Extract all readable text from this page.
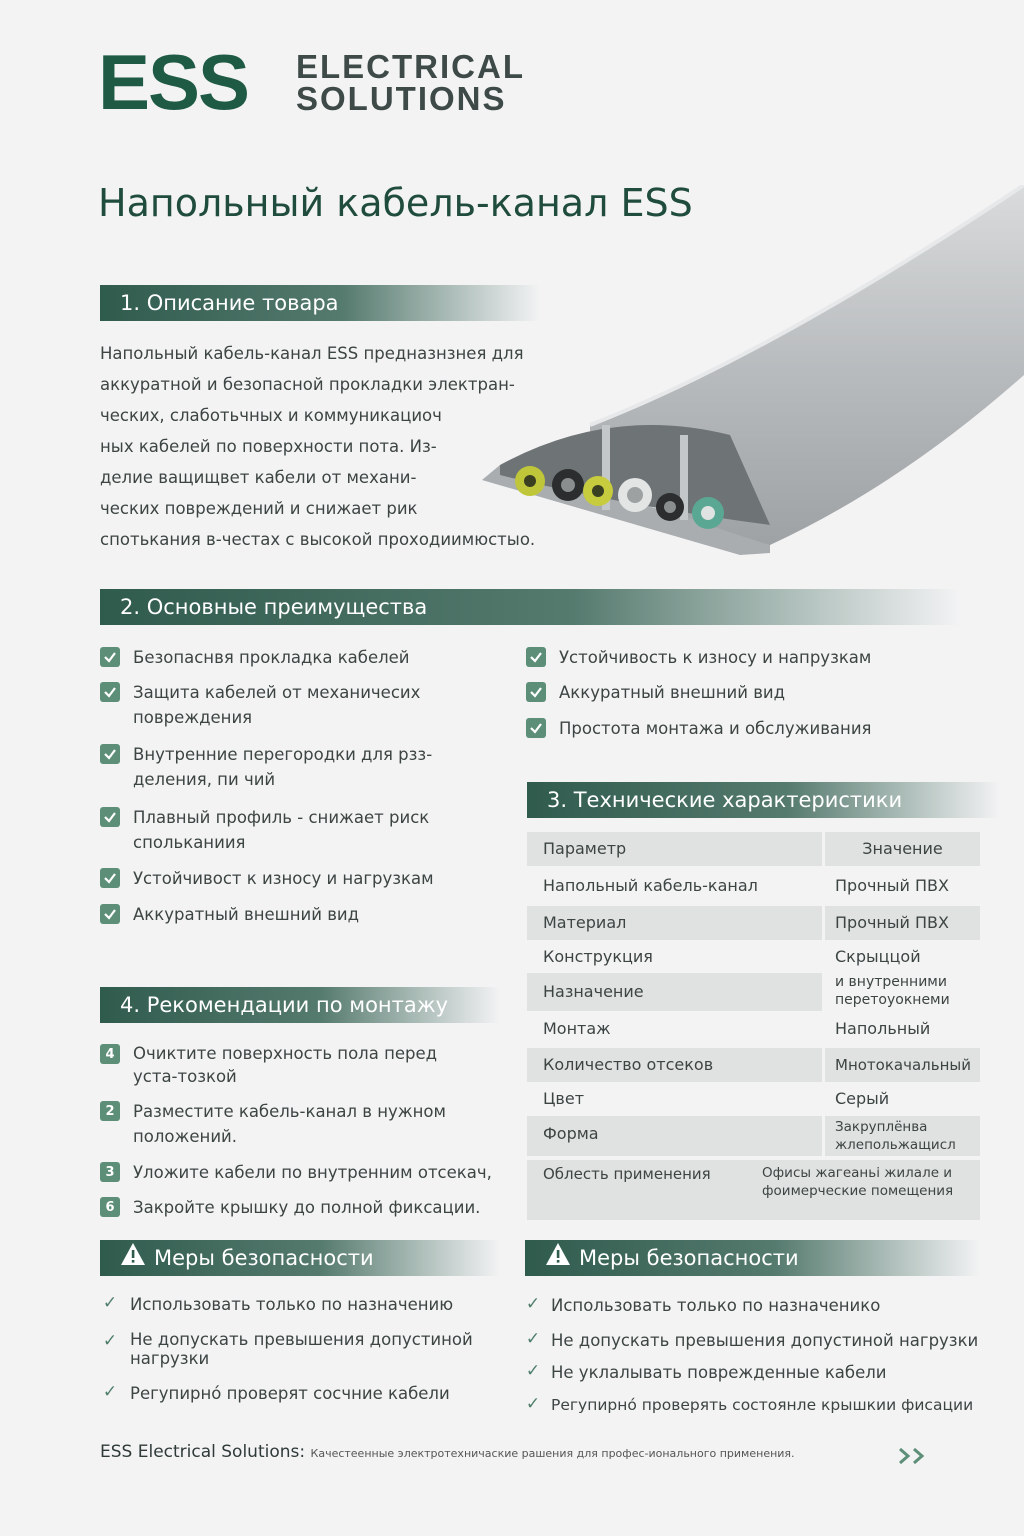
ESS ELECTRICAL
SOLUTIONS
Напольный кабель-канал ESS
1. Описание товара

Напольный кабель-канал ESS предназнзнея для

аккуратной и безопасной прокладки электран-

ческих, слаботьчных и коммуникациоч

ных кабелей по поверхности пота. Из-

делие ващищвет кабели от механи-

ческих повреждений и снижает рик

спотькания в-честах с высокой проходиимюстыо.

2. Основные преимущества
Безопаснвя прокладка кабелей
Защита кабелей от механичесих повреждения
Внутренние перегородки для рзз-деления, пи чий
Плавный профиль - снижает риск спольканиия
Устойчивост к износу и нагрузкам
Аккуратный внешний вид
Устойчивость к износу и напрузкам
Аккуратный внешний вид
Простота монтажа и обслуживания
3. Технические характеристики
Параметр	Значение
Напольный кабель-канал	Прочный ПВХ
Материал	Прочный ПВХ
Конструкция	Скрыццой
Назначение	и внутренними перетоуокнеми
Монтаж	Напольный
Количество отсеков	Мнотокачальный
Цвет	Серый
Форма	Закруплёнва жлепольжащисл
Облесть применения	Офисы жагеаньі жилале и фоимерческие помещения
4. Рекомендации по монтажу
4	Очиктите поверхность пола перед уста-тозкой
2	Разместите кабель-канал в нужном положений.
3	Уложите кабели по внутренним отсекач,
6	Закройте крышку до полной фиксации.
Меры безопасности
✓ Использовать только по назначению
✓ Не допускать превышения допустиной нагрузки
✓ Регупирнó проверят сосчние кабели
Меры безопасности
✓ Использовать только по назначенико
✓ Не допускать превышения допустиной нагрузки
✓ Не уклалывать поврежденные кабели
✓ Регупирнó проверять состоянле крышкии фисации
ESS Electrical Solutions: Качестеенные электротехничаские рашения для профес-ионального применения.
